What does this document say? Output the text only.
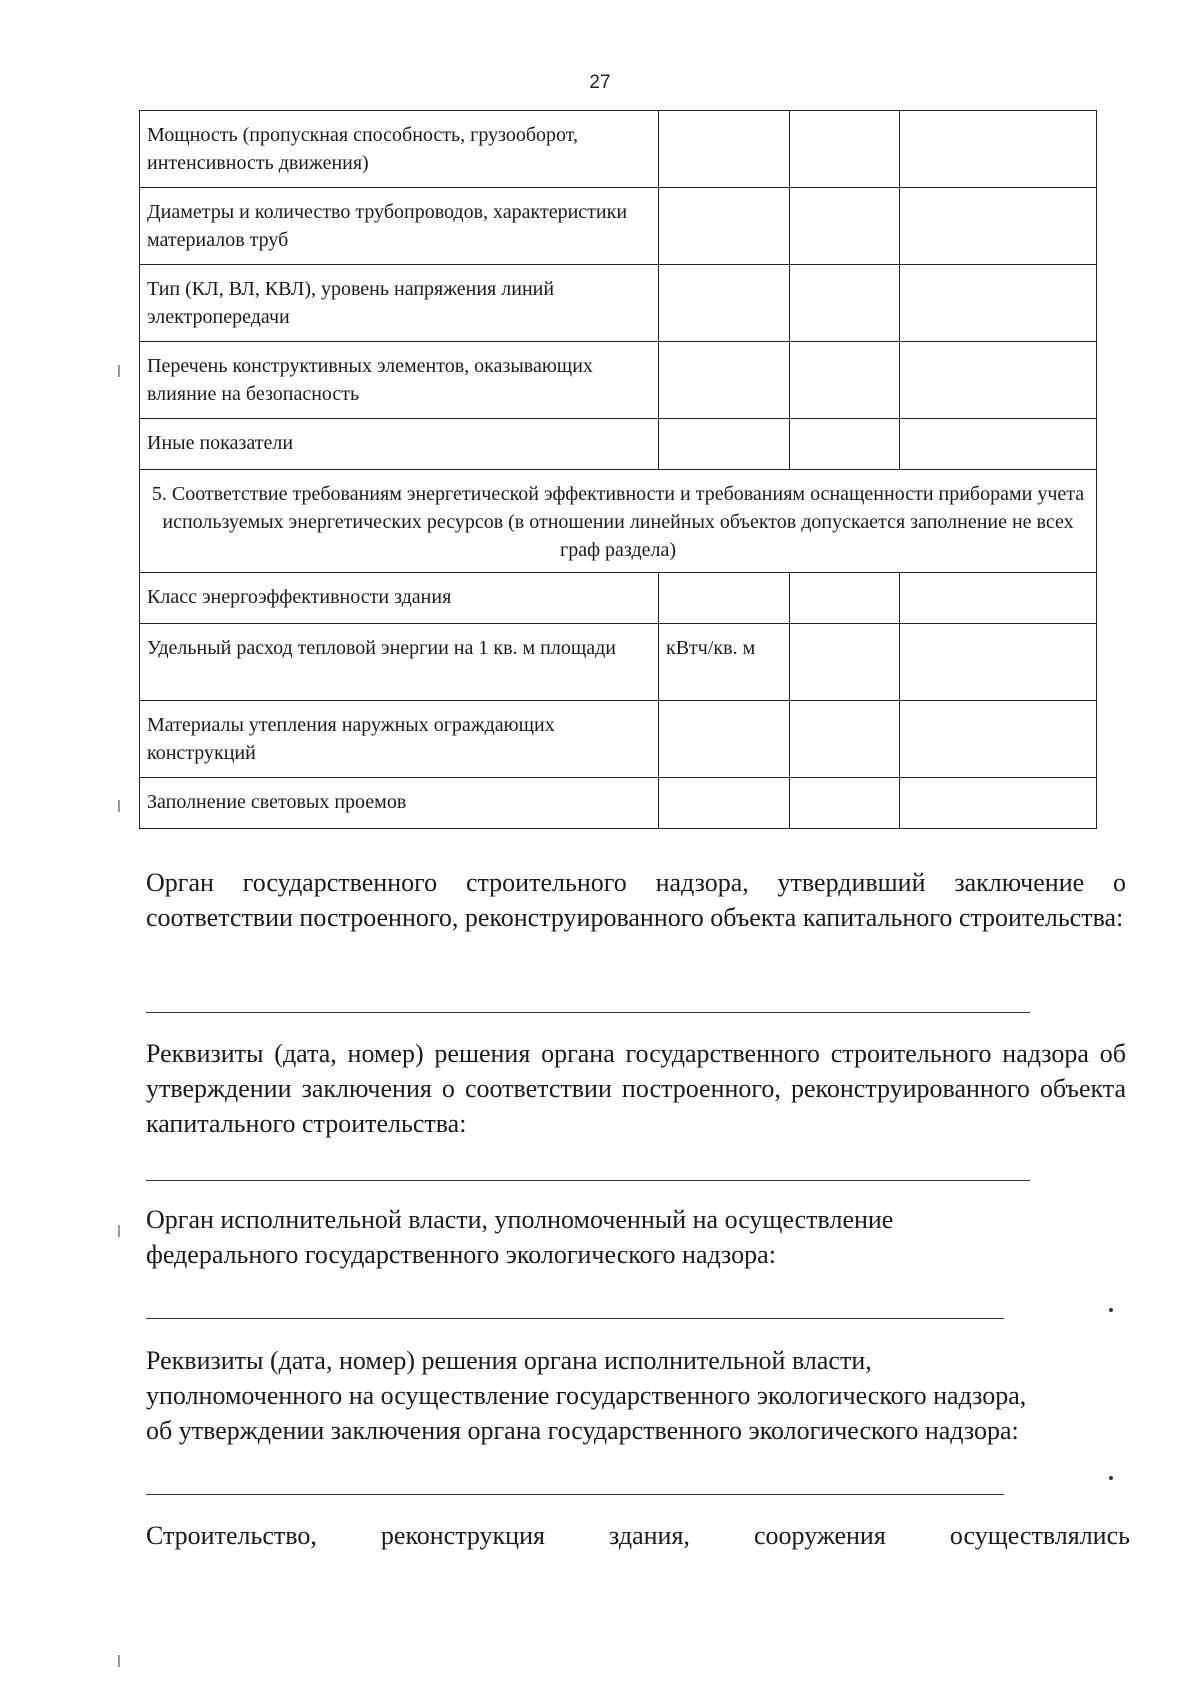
27
Мощность (пропускная способность, грузооборот, интенсивность движения)			
Диаметры и количество трубопроводов, характеристики материалов труб			
Тип (КЛ, ВЛ, КВЛ), уровень напряжения линий электропередачи			
Перечень конструктивных элементов, оказывающих влияние на безопасность			
Иные показатели			
5. Соответствие требованиям энергетической эффективности и требованиям оснащенности приборами учета используемых энергетических ресурсов (в отношении линейных объектов допускается заполнение не всех граф раздела)			
Класс энергоэффективности здания			
Удельный расход тепловой энергии на 1 кв. м площади	кВтч/кв. м		
Материалы утепления наружных ограждающих конструкций			
Заполнение световых проемов			
Орган государственного строительного надзора, утвердивший заключение о соответствии построенного, реконструированного объекта капитального строительства:
Реквизиты (дата, номер) решения органа государственного строительного надзора об утверждении заключения о соответствии построенного, реконструированного объекта капитального строительства:
Орган исполнительной власти, уполномоченный на осуществление
федерального государственного экологического надзора:
Реквизиты (дата, номер) решения органа исполнительной власти,
уполномоченного на осуществление государственного экологического надзора,
об утверждении заключения органа государственного экологического надзора:
Строительство, реконструкция здания, сооружения осуществлялись
